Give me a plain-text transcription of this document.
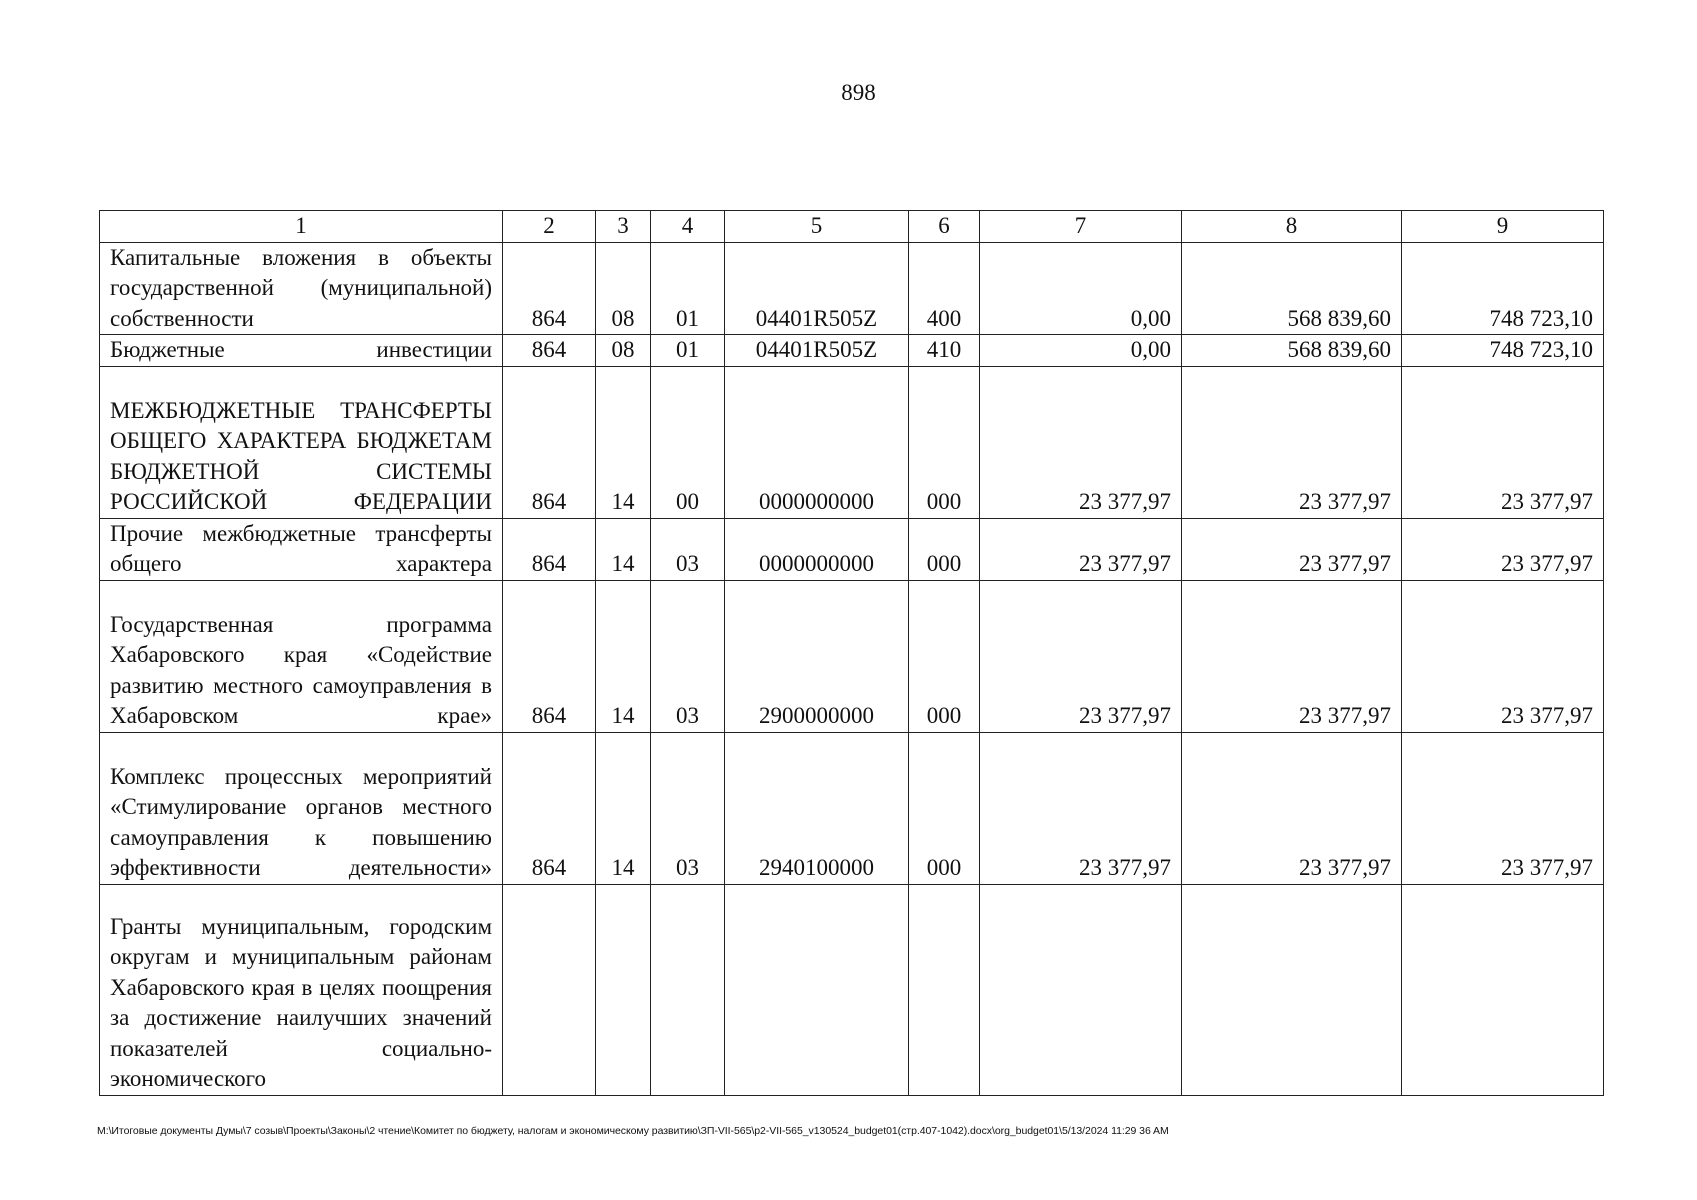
898
1	2	3	4	5	6	7	8	9
Капитальные вложения в объекты государственной (муниципальной) собственности	864	08	01	04401R505Z	400	0,00	568 839,60	748 723,10
Бюджетные инвестиции	864	08	01	04401R505Z	410	0,00	568 839,60	748 723,10
МЕЖБЮДЖЕТНЫЕ ТРАНСФЕРТЫ ОБЩЕГО ХАРАКТЕРА БЮДЖЕТАМ БЮДЖЕТНОЙ СИСТЕМЫ РОССИЙСКОЙ ФЕДЕРАЦИИ	864	14	00	0000000000	000	23 377,97	23 377,97	23 377,97
Прочие межбюджетные трансферты общего характера	864	14	03	0000000000	000	23 377,97	23 377,97	23 377,97
Государственная программа Хабаровского края «Содействие развитию местного самоуправления в Хабаровском крае»	864	14	03	2900000000	000	23 377,97	23 377,97	23 377,97
Комплекс процессных мероприятий «Стимулирование органов местного самоуправления к повышению эффективности деятельности»	864	14	03	2940100000	000	23 377,97	23 377,97	23 377,97
Гранты муниципальным, городским округам и муниципальным районам Хабаровского края в целях поощрения за достижение наилучших значений показателей социально-экономического								
M:\Итоговые документы Думы\7 созыв\Проекты\Законы\2 чтение\Комитет по бюджету, налогам и экономическому развитию\ЗП-VII-565\p2-VII-565_v130524_budget01(стр.407-1042).docx\org_budget01\5/13/2024 11:29 36 AM
